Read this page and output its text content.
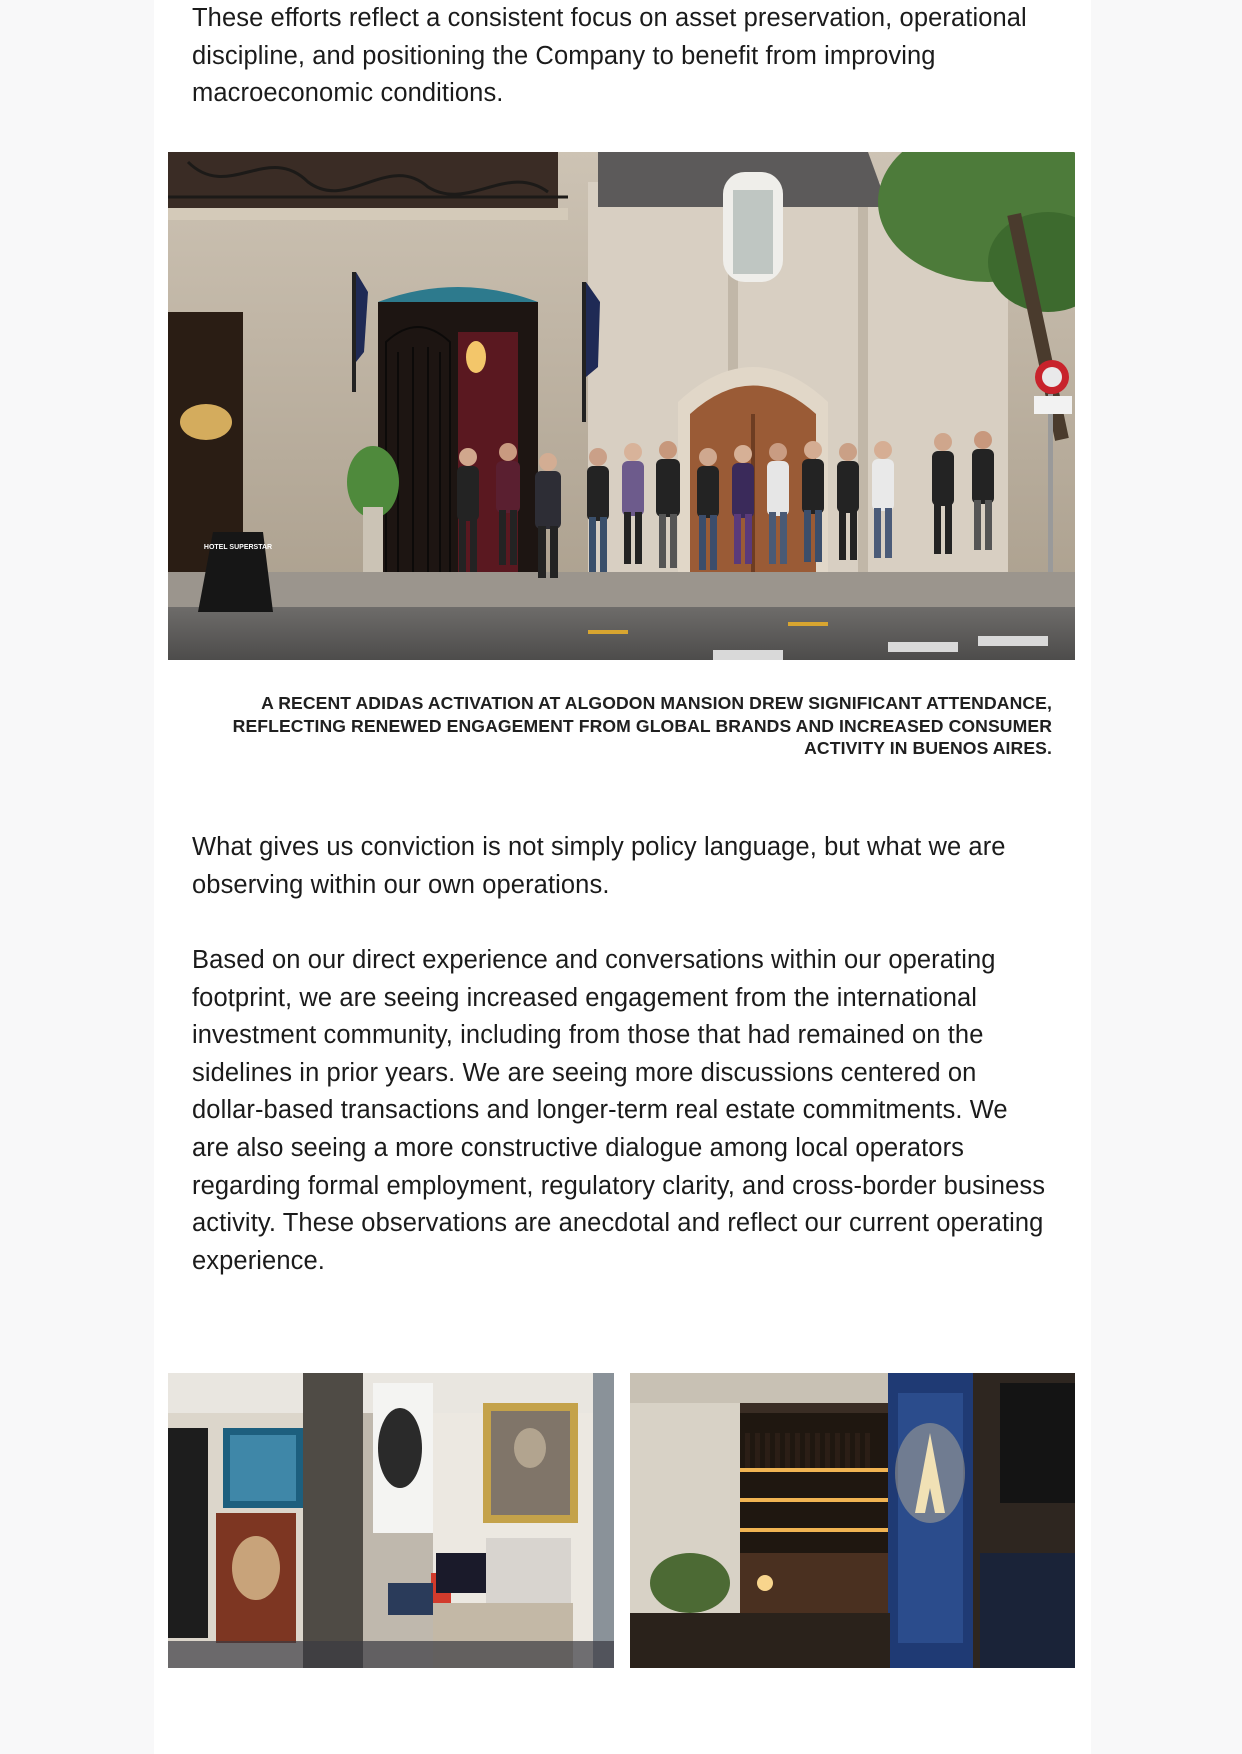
These efforts reflect a consistent focus on asset preservation, operational discipline, and positioning the Company to benefit from improving macroeconomic conditions.

HOTEL SUPERSTAR

A RECENT ADIDAS ACTIVATION AT ALGODON MANSION DREW SIGNIFICANT ATTENDANCE, REFLECTING RENEWED ENGAGEMENT FROM GLOBAL BRANDS AND INCREASED CONSUMER ACTIVITY IN BUENOS AIRES.

What gives us conviction is not simply policy language, but what we are observing within our own operations.

Based on our direct experience and conversations within our operating footprint, we are seeing increased engagement from the international investment community, including from those that had remained on the sidelines in prior years. We are seeing more discussions centered on dollar-based transactions and longer-term real estate commitments. We are also seeing a more constructive dialogue among local operators regarding formal employment, regulatory clarity, and cross-border business activity. These observations are anecdotal and reflect our current operating experience.
